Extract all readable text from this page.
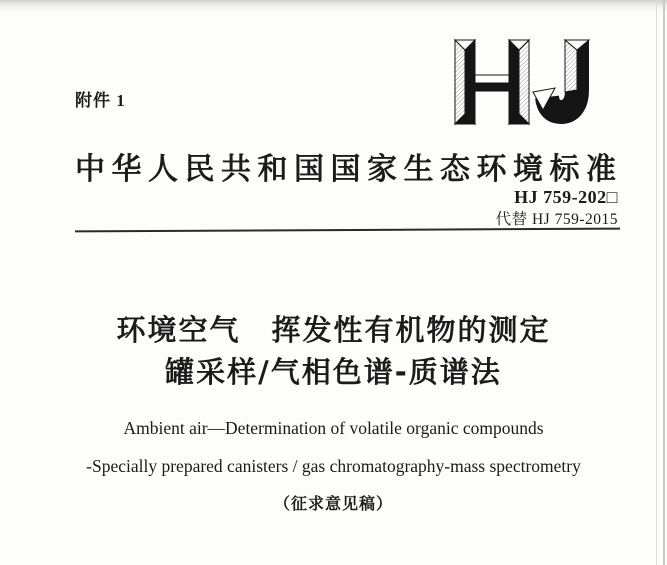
附件 1
中华人民共和国国家生态环境标准
HJ 759-202□
代替 HJ 759-2015
环境空气　挥发性有机物的测定
罐采样/气相色谱-质谱法
Ambient air—Determination of volatile organic compounds
-Specially prepared canisters / gas chromatography-mass spectrometry
（征求意见稿）
